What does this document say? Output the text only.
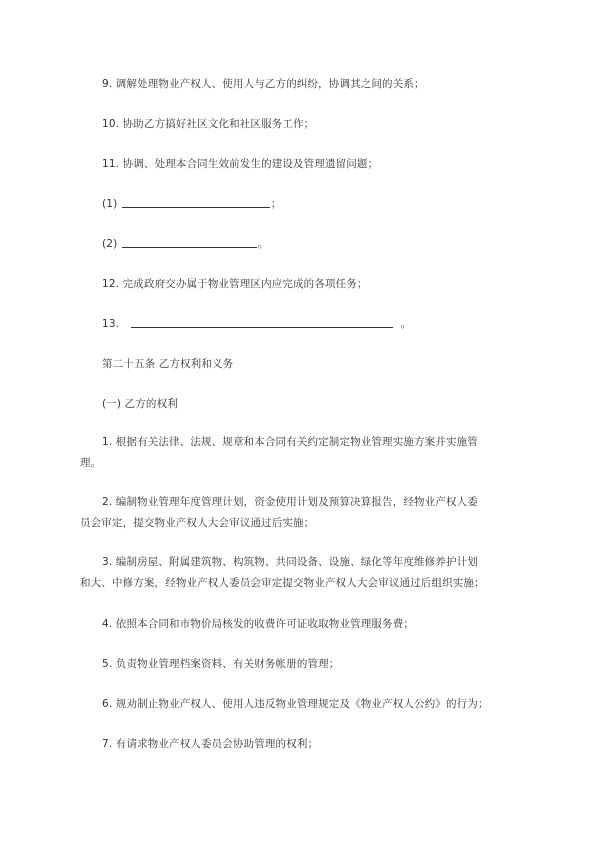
9. 调解处理物业产权人、使用人与乙方的纠纷，协调其之间的关系；
10. 协助乙方搞好社区文化和社区服务工作；
11. 协调、处理本合同生效前发生的建设及管理遗留问题；
(1)	；
(2)	。
12. 完成政府交办属于物业管理区内应完成的各项任务；
13.	。
第二十五条 乙方权利和义务
(一) 乙方的权利
1. 根据有关法律、法规、规章和本合同有关约定制定物业管理实施方案并实施管
理。
2. 编制物业管理年度管理计划，资金使用计划及预算决算报告，经物业产权人委
员会审定，提交物业产权人大会审议通过后实施；
3. 编制房屋、附属建筑物、构筑物、共同设备、设施、绿化等年度维修养护计划
和大、中修方案，经物业产权人委员会审定提交物业产权人大会审议通过后组织实施；
4. 依照本合同和市物价局核发的收费许可证收取物业管理服务费；
5. 负责物业管理档案资料、有关财务帐册的管理；
6. 规劝制止物业产权人、使用人违反物业管理规定及《物业产权人公约》的行为；
7. 有请求物业产权人委员会协助管理的权利；
